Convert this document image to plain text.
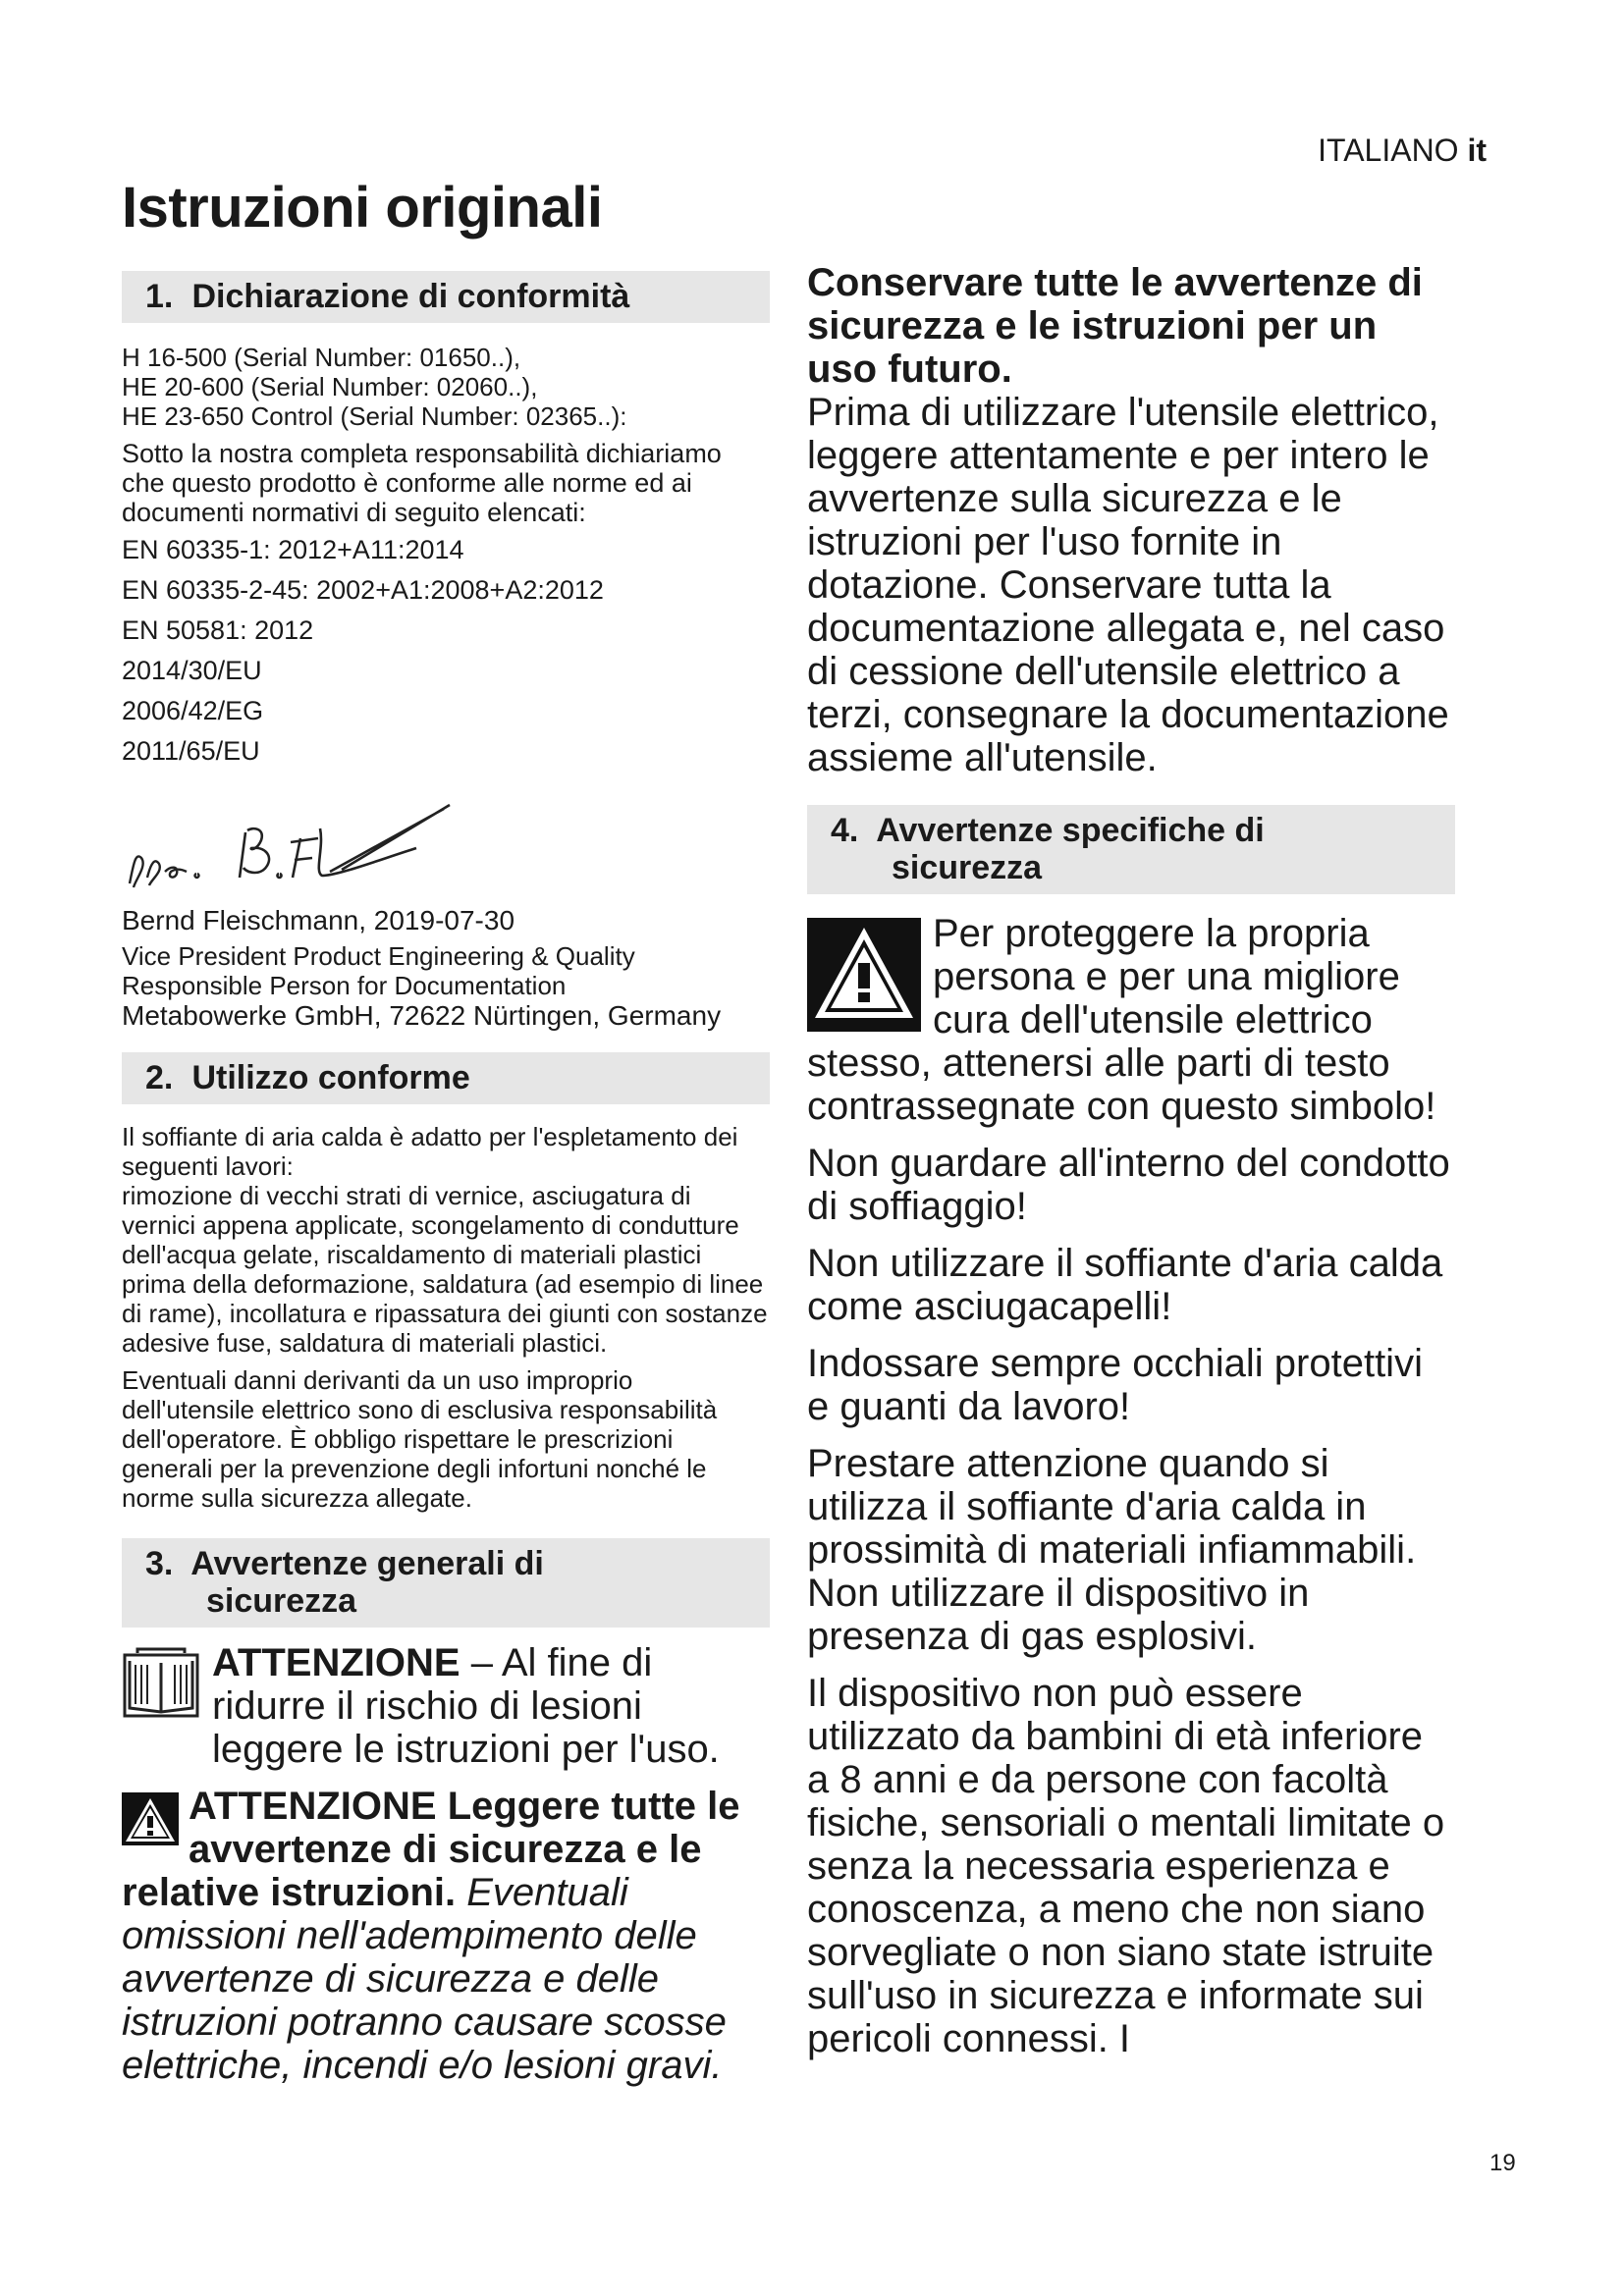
ITALIANO it
Istruzioni originali
1. Dichiarazione di conformità

H 16-500 (Serial Number: 01650..),

HE 20-600 (Serial Number: 02060..),

HE 23-650 Control (Serial Number: 02365..):

Sotto la nostra completa responsabilità dichiariamo che questo prodotto è conforme alle norme ed ai documenti normativi di seguito elencati:

EN 60335-1: 2012+A11:2014

EN 60335-2-45: 2002+A1:2008+A2:2012

EN 50581: 2012

2014/30/EU

2006/42/EG

2011/65/EU

Bernd Fleischmann, 2019-07-30

Vice President Product Engineering & Quality

Responsible Person for Documentation

Metabowerke GmbH, 72622 Nürtingen, Germany

2. Utilizzo conforme

Il soffiante di aria calda è adatto per l'espletamento dei seguenti lavori:

rimozione di vecchi strati di vernice, asciugatura di vernici appena applicate, scongelamento di condutture dell'acqua gelate, riscaldamento di materiali plastici prima della deformazione, saldatura (ad esempio di linee di rame), incollatura e ripassatura dei giunti con sostanze adesive fuse, saldatura di materiali plastici.

Eventuali danni derivanti da un uso improprio dell'utensile elettrico sono di esclusiva responsabilità dell'operatore. È obbligo rispettare le prescrizioni generali per la prevenzione degli infortuni nonché le norme sulla sicurezza allegate.

3. Avvertenze generali di
sicurezza
ATTENZIONE – Al fine di ridurre il rischio di lesioni leggere le istruzioni per l'uso.
ATTENZIONE Leggere tutte le avvertenze di sicurezza e le relative istruzioni. Eventuali omissioni nell'adempimento delle avvertenze di sicurezza e delle istruzioni potranno causare scosse elettriche, incendi e/o lesioni gravi.

Conservare tutte le avvertenze di sicurezza e le istruzioni per un uso futuro.

Prima di utilizzare l'utensile elettrico, leggere attentamente e per intero le avvertenze sulla sicurezza e le istruzioni per l'uso fornite in dotazione. Conservare tutta la documentazione allegata e, nel caso di cessione dell'utensile elettrico a terzi, consegnare la documentazione assieme all'utensile.

4. Avvertenze specifiche di
sicurezza
Per proteggere la propria persona e per una migliore cura dell'utensile elettrico stesso, attenersi alle parti di testo contrassegnate con questo simbolo!

Non guardare all'interno del condotto di soffiaggio!

Non utilizzare il soffiante d'aria calda come asciugacapelli!

Indossare sempre occhiali protettivi e guanti da lavoro!

Prestare attenzione quando si utilizza il soffiante d'aria calda in prossimità di materiali infiammabili. Non utilizzare il dispositivo in presenza di gas esplosivi.

Il dispositivo non può essere utilizzato da bambini di età inferiore a 8 anni e da persone con facoltà fisiche, sensoriali o mentali limitate o senza la necessaria esperienza e conoscenza, a meno che non siano sorvegliate o non siano state istruite sull'uso in sicurezza e informate sui pericoli connessi. I

19
